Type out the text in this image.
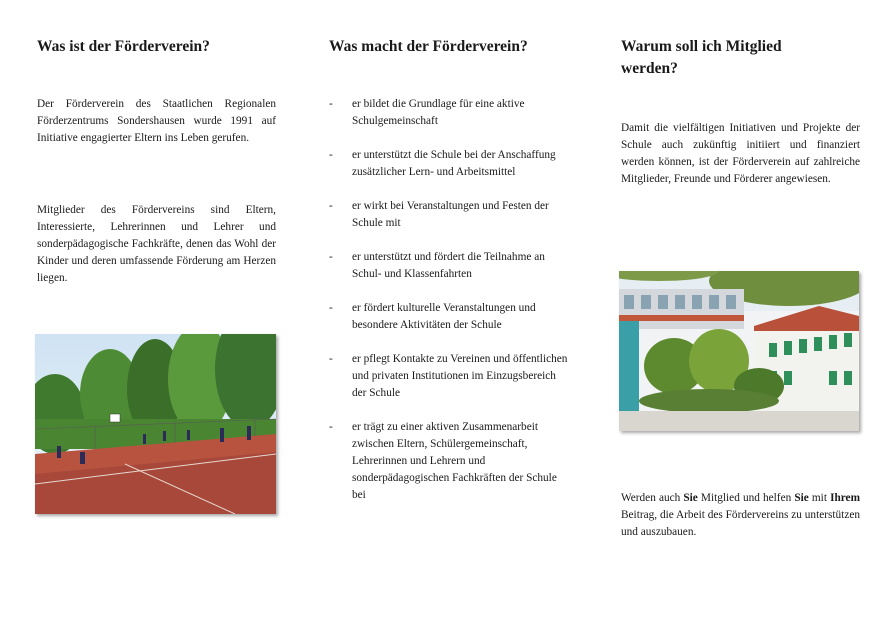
Was ist der Förderverein?

Der Förderverein des Staatlichen Regionalen Förderzentrums Sondershausen wurde 1991 auf Initiative engagierter Eltern ins Leben gerufen.

Mitglieder des Fördervereins sind Eltern, Interessierte, Lehrerinnen und Lehrer und sonderpädagogische Fachkräfte, denen das Wohl der Kinder und deren umfassende Förderung am Herzen liegen.

Was macht der Förderverein?
- er bildet die Grundlage für eine aktive Schulgemeinschaft
- er unterstützt die Schule bei der Anschaffung zusätzlicher Lern- und Arbeitsmittel
- er wirkt bei Veranstaltungen und Festen der Schule mit
- er unterstützt und fördert die Teilnahme an Schul- und Klassenfahrten
- er fördert kulturelle Veranstaltungen und besondere Aktivitäten der Schule
- er pflegt Kontakte zu Vereinen und öffentlichen und privaten Institutionen im Einzugsbereich der Schule
- er trägt zu einer aktiven Zusammenarbeit zwischen Eltern, Schülergemeinschaft, Lehrerinnen und Lehrern und sonderpädagogischen Fachkräften der Schule bei
Warum soll ich Mitglied werden?

Damit die vielfältigen Initiativen und Projekte der Schule auch zukünftig initiiert und finanziert werden können, ist der Förderverein auf zahlreiche Mitglieder, Freunde und Förderer angewiesen.

Werden auch Sie Mitglied und helfen Sie mit Ihrem Beitrag, die Arbeit des Fördervereins zu unterstützen und auszubauen.
